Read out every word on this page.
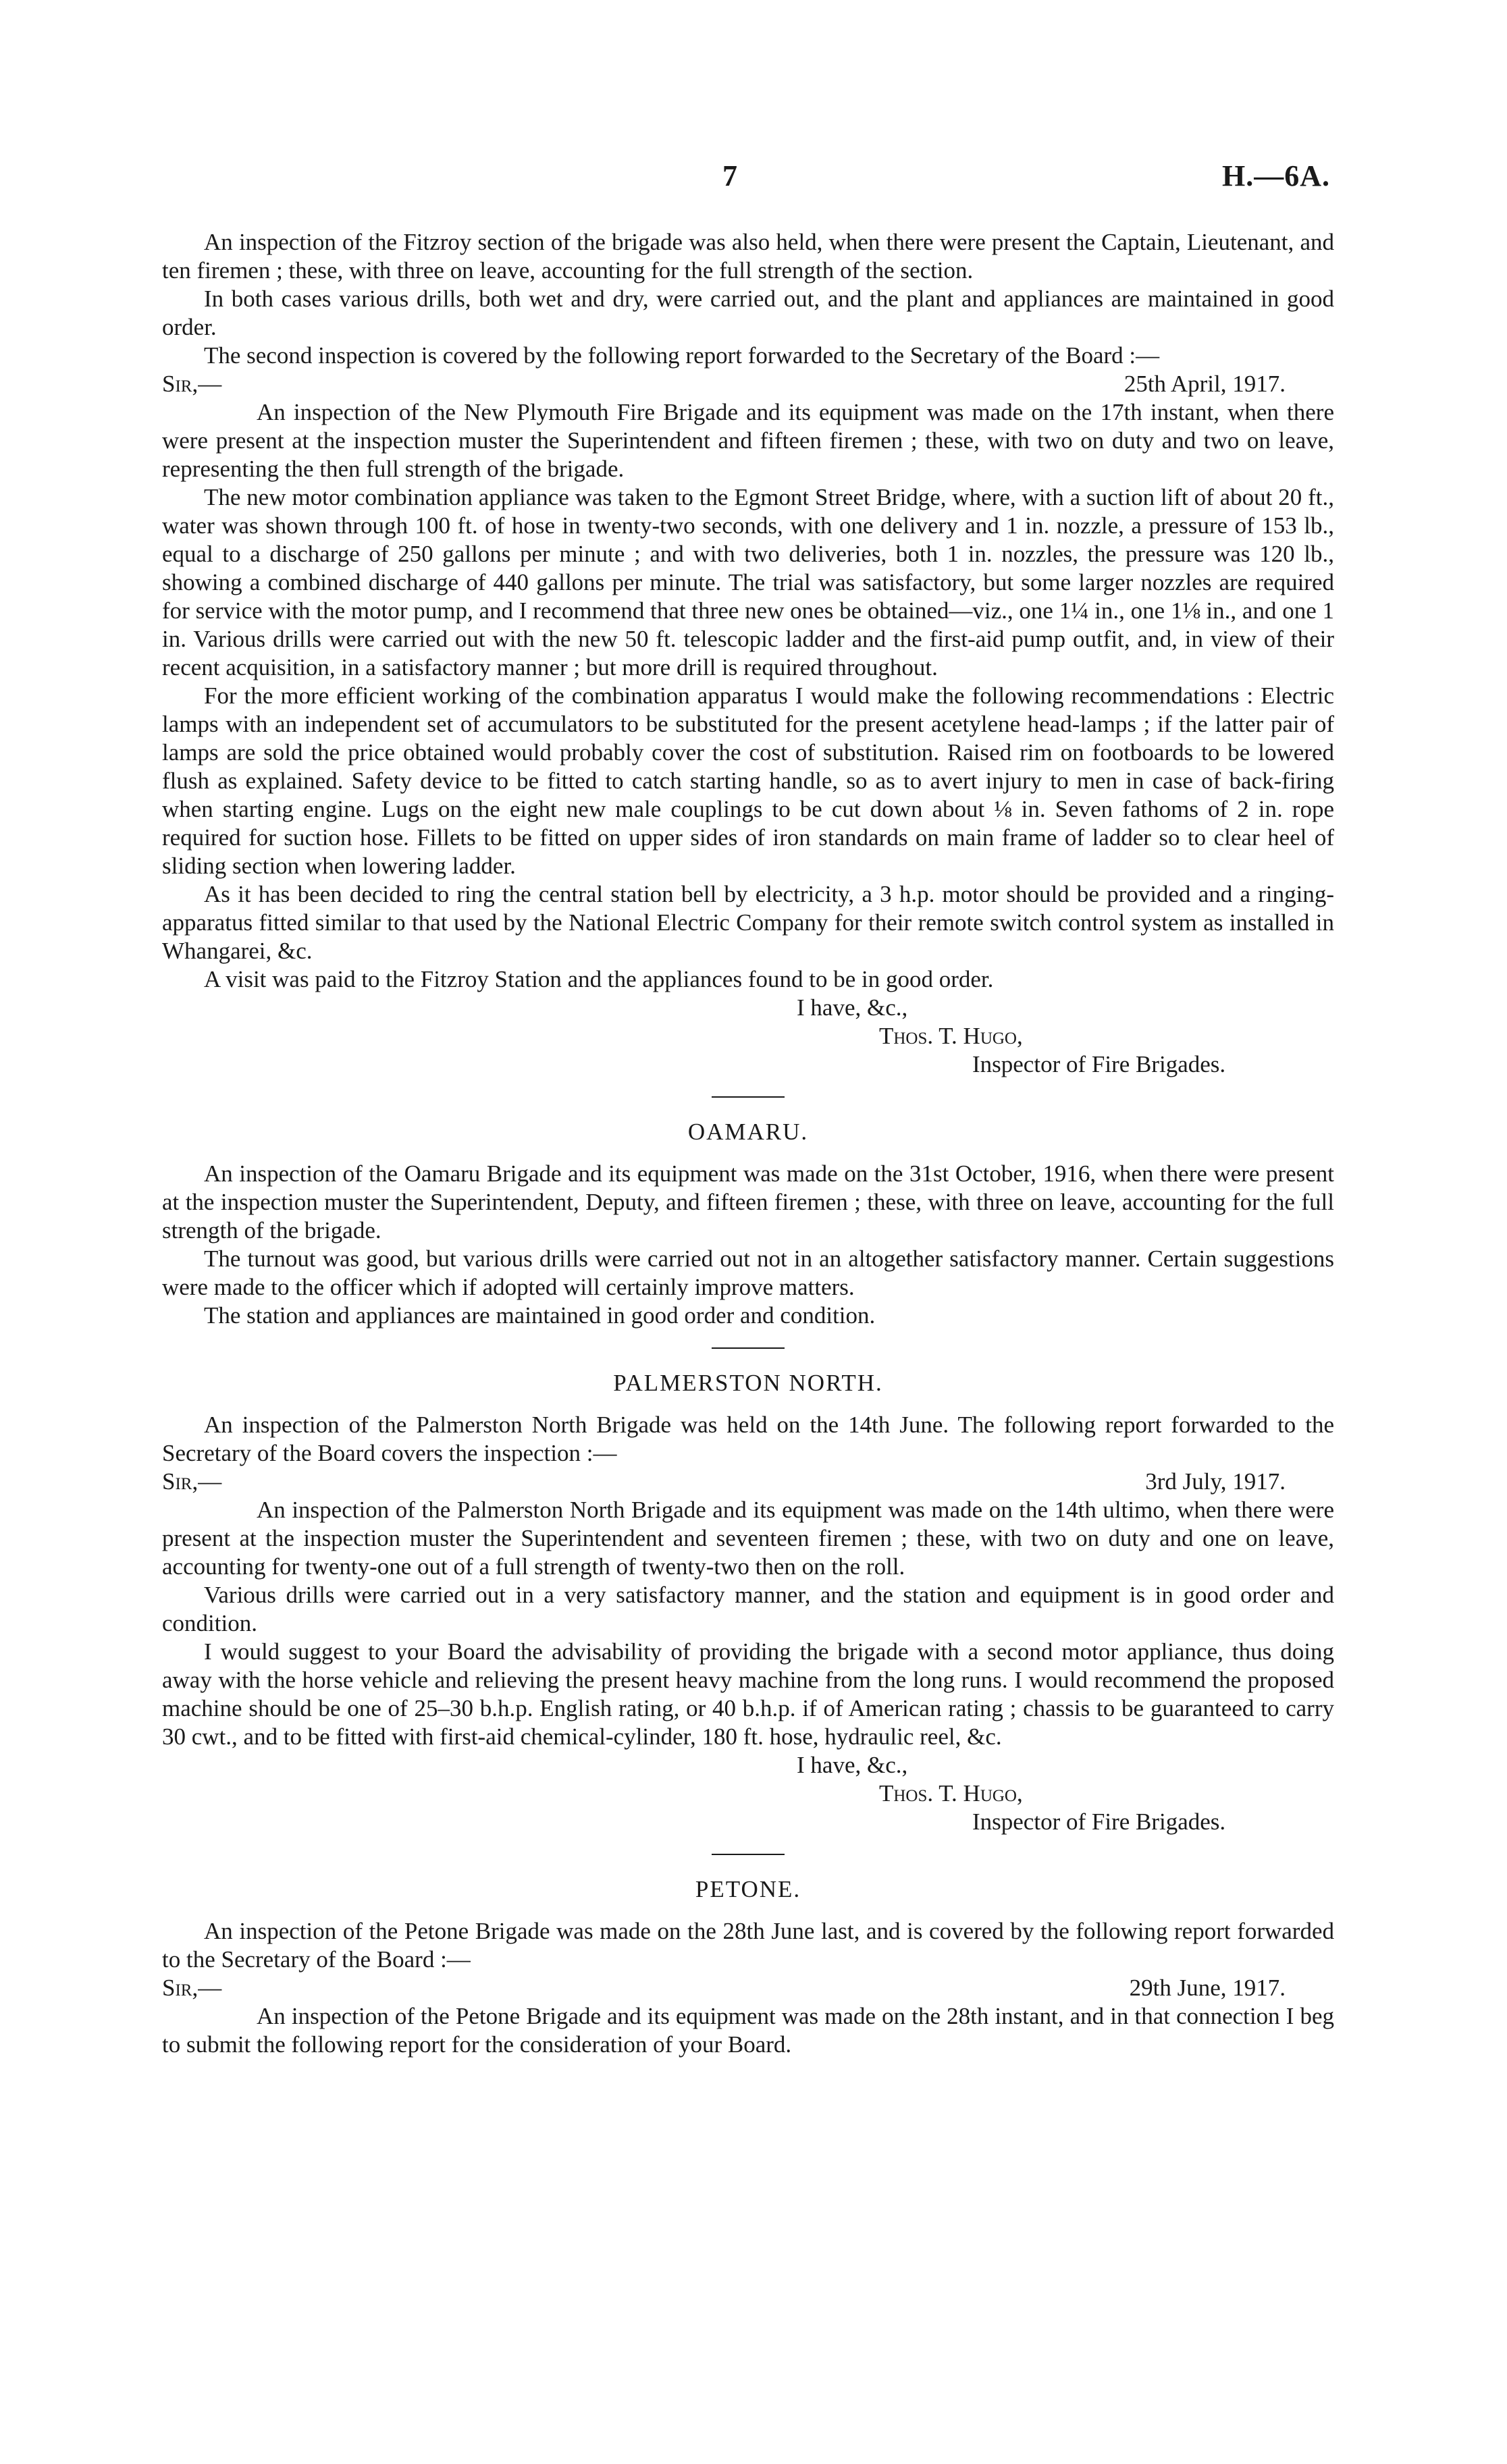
7	H.—6A.

An inspection of the Fitzroy section of the brigade was also held, when there were present the Captain, Lieutenant, and ten firemen ; these, with three on leave, accounting for the full strength of the section.

In both cases various drills, both wet and dry, were carried out, and the plant and appliances are maintained in good order.

The second inspection is covered by the following report forwarded to the Secretary of the Board :—

Sir,—	25th April, 1917.

An inspection of the New Plymouth Fire Brigade and its equipment was made on the 17th instant, when there were present at the inspection muster the Superintendent and fifteen firemen ; these, with two on duty and two on leave, representing the then full strength of the brigade.

The new motor combination appliance was taken to the Egmont Street Bridge, where, with a suction lift of about 20 ft., water was shown through 100 ft. of hose in twenty-two seconds, with one delivery and 1 in. nozzle, a pressure of 153 lb., equal to a discharge of 250 gallons per minute ; and with two deliveries, both 1 in. nozzles, the pressure was 120 lb., showing a combined discharge of 440 gallons per minute. The trial was satisfactory, but some larger nozzles are required for service with the motor pump, and I recommend that three new ones be obtained—viz., one 1¼ in., one 1⅛ in., and one 1 in. Various drills were carried out with the new 50 ft. telescopic ladder and the first-aid pump outfit, and, in view of their recent acquisition, in a satisfactory manner ; but more drill is required throughout.

For the more efficient working of the combination apparatus I would make the following recommendations : Electric lamps with an independent set of accumulators to be substituted for the present acetylene head-lamps ; if the latter pair of lamps are sold the price obtained would probably cover the cost of substitution. Raised rim on footboards to be lowered flush as explained. Safety device to be fitted to catch starting handle, so as to avert injury to men in case of back-firing when starting engine. Lugs on the eight new male couplings to be cut down about ⅛ in. Seven fathoms of 2 in. rope required for suction hose. Fillets to be fitted on upper sides of iron standards on main frame of ladder so to clear heel of sliding section when lowering ladder.

As it has been decided to ring the central station bell by electricity, a 3 h.p. motor should be provided and a ringing-apparatus fitted similar to that used by the National Electric Company for their remote switch control system as installed in Whangarei, &c.

A visit was paid to the Fitzroy Station and the appliances found to be in good order.

I have, &c.,
Thos. T. Hugo,
Inspector of Fire Brigades.
OAMARU.

An inspection of the Oamaru Brigade and its equipment was made on the 31st October, 1916, when there were present at the inspection muster the Superintendent, Deputy, and fifteen firemen ; these, with three on leave, accounting for the full strength of the brigade.

The turnout was good, but various drills were carried out not in an altogether satisfactory manner. Certain suggestions were made to the officer which if adopted will certainly improve matters.

The station and appliances are maintained in good order and condition.

PALMERSTON NORTH.

An inspection of the Palmerston North Brigade was held on the 14th June. The following report forwarded to the Secretary of the Board covers the inspection :—

Sir,—	3rd July, 1917.

An inspection of the Palmerston North Brigade and its equipment was made on the 14th ultimo, when there were present at the inspection muster the Superintendent and seventeen firemen ; these, with two on duty and one on leave, accounting for twenty-one out of a full strength of twenty-two then on the roll.

Various drills were carried out in a very satisfactory manner, and the station and equipment is in good order and condition.

I would suggest to your Board the advisability of providing the brigade with a second motor appliance, thus doing away with the horse vehicle and relieving the present heavy machine from the long runs. I would recommend the proposed machine should be one of 25–30 b.h.p. English rating, or 40 b.h.p. if of American rating ; chassis to be guaranteed to carry 30 cwt., and to be fitted with first-aid chemical-cylinder, 180 ft. hose, hydraulic reel, &c.

I have, &c.,
Thos. T. Hugo,
Inspector of Fire Brigades.
PETONE.

An inspection of the Petone Brigade was made on the 28th June last, and is covered by the following report forwarded to the Secretary of the Board :—

Sir,—	29th June, 1917.

An inspection of the Petone Brigade and its equipment was made on the 28th instant, and in that connection I beg to submit the following report for the consideration of your Board.
